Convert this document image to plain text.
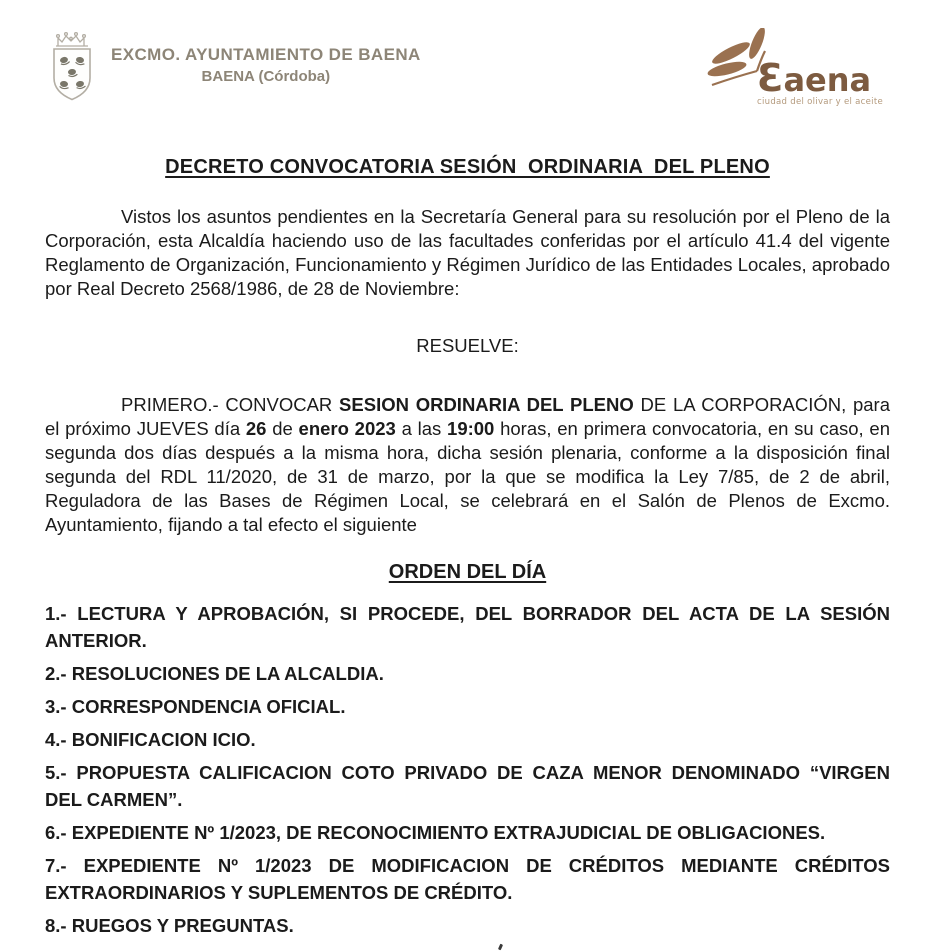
EXCMO. AYUNTAMIENTO DE BAENA
BAENA (Córdoba)	Ɛaena
ciudad del olivar y el aceite
DECRETO CONVOCATORIA SESIÓN  ORDINARIA  DEL PLENO

Vistos los asuntos pendientes en la Secretaría General para su resolución por el Pleno de la Corporación, esta Alcaldía haciendo uso de las facultades conferidas por el artículo 41.4 del vigente Reglamento de Organización, Funcionamiento y Régimen Jurídico de las Entidades Locales, aprobado por Real Decreto 2568/1986, de 28 de Noviembre:

RESUELVE:

PRIMERO.- CONVOCAR SESION ORDINARIA DEL PLENO DE LA CORPORACIÓN, para el próximo JUEVES día 26 de enero 2023 a las 19:00 horas, en primera convocatoria, en su caso, en segunda dos días después a la misma hora, dicha sesión plenaria, conforme a la disposición final segunda del RDL 11/2020, de 31 de marzo, por la que se modifica la Ley 7/85, de 2 de abril, Reguladora de las Bases de Régimen Local, se celebrará en el Salón de Plenos de Excmo. Ayuntamiento, fijando a tal efecto el siguiente

ORDEN DEL DÍA

1.- LECTURA Y APROBACIÓN, SI PROCEDE, DEL BORRADOR DEL ACTA DE LA SESIÓN ANTERIOR.

2.- RESOLUCIONES DE LA ALCALDIA.

3.- CORRESPONDENCIA OFICIAL.

4.- BONIFICACION ICIO.

5.- PROPUESTA CALIFICACION COTO PRIVADO DE CAZA MENOR DENOMINADO “VIRGEN DEL CARMEN”.

6.- EXPEDIENTE Nº 1/2023, DE RECONOCIMIENTO EXTRAJUDICIAL DE OBLIGACIONES.

7.- EXPEDIENTE Nº 1/2023 DE MODIFICACION DE CRÉDITOS MEDIANTE CRÉDITOS EXTRAORDINARIOS Y SUPLEMENTOS DE CRÉDITO.

8.- RUEGOS Y PREGUNTAS.
